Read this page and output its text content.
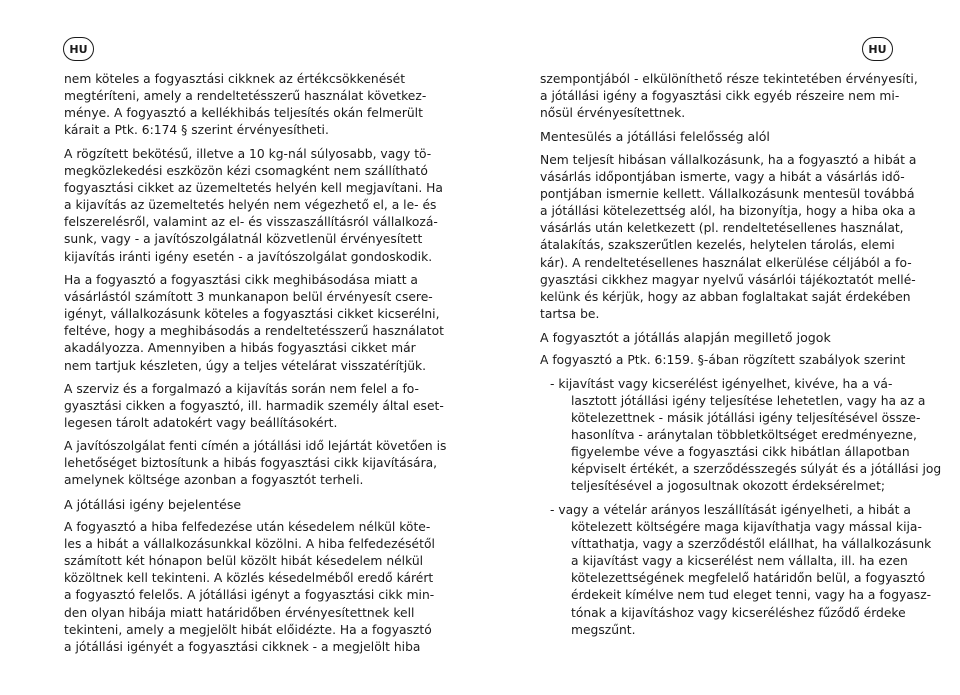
HU	HU
nem köteles a fogyasztási cikknek az értékcsökkenését
megtéríteni, amely a rendeltetésszerű használat következ-
ménye. A fogyasztó a kellékhibás teljesítés okán felmerült
kárait a Ptk. 6:174 § szerint érvényesítheti.
A rögzített bekötésű, illetve a 10 kg-nál súlyosabb, vagy tö-
megközlekedési eszközön kézi csomagként nem szállítható
fogyasztási cikket az üzemeltetés helyén kell megjavítani. Ha
a kijavítás az üzemeltetés helyén nem végezhető el, a le- és
felszerelésről, valamint az el- és visszaszállításról vállalkozá-
sunk, vagy - a javítószolgálatnál közvetlenül érvényesített
kijavítás iránti igény esetén - a javítószolgálat gondoskodik.
Ha a fogyasztó a fogyasztási cikk meghibásodása miatt a
vásárlástól számított 3 munkanapon belül érvényesít csere-
igényt, vállalkozásunk köteles a fogyasztási cikket kicserélni,
feltéve, hogy a meghibásodás a rendeltetésszerű használatot
akadályozza. Amennyiben a hibás fogyasztási cikket már
nem tartjuk készleten, úgy a teljes vételárat visszatérítjük.
A szerviz és a forgalmazó a kijavítás során nem felel a fo-
gyasztási cikken a fogyasztó, ill. harmadik személy által eset-
legesen tárolt adatokért vagy beállításokért.
A javítószolgálat fenti címén a jótállási idő lejártát követően is
lehetőséget biztosítunk a hibás fogyasztási cikk kijavítására,
amelynek költsége azonban a fogyasztót terheli.
A jótállási igény bejelentése
A fogyasztó a hiba felfedezése után késedelem nélkül köte-
les a hibát a vállalkozásunkkal közölni. A hiba felfedezésétől
számított két hónapon belül közölt hibát késedelem nélkül
közöltnek kell tekinteni. A közlés késedelméből eredő kárért
a fogyasztó felelős. A jótállási igényt a fogyasztási cikk min-
den olyan hibája miatt határidőben érvényesítettnek kell
tekinteni, amely a megjelölt hibát előidézte. Ha a fogyasztó
a jótállási igényét a fogyasztási cikknek - a megjelölt hiba
szempontjából - elkülöníthető része tekintetében érvényesíti,
a jótállási igény a fogyasztási cikk egyéb részeire nem mi-
nősül érvényesítettnek.
Mentesülés a jótállási felelősség alól
Nem teljesít hibásan vállalkozásunk, ha a fogyasztó a hibát a
vásárlás időpontjában ismerte, vagy a hibát a vásárlás idő-
pontjában ismernie kellett. Vállalkozásunk mentesül továbbá
a jótállási kötelezettség alól, ha bizonyítja, hogy a hiba oka a
vásárlás után keletkezett (pl. rendeltetésellenes használat,
átalakítás, szakszerűtlen kezelés, helytelen tárolás, elemi
kár). A rendeltetésellenes használat elkerülése céljából a fo-
gyasztási cikkhez magyar nyelvű vásárlói tájékoztatót mellé-
kelünk és kérjük, hogy az abban foglaltakat saját érdekében
tartsa be.
A fogyasztót a jótállás alapján megillető jogok
A fogyasztó a Ptk. 6:159. §-ában rögzített szabályok szerint
- kijavítást vagy kicserélést igényelhet, kivéve, ha a vá-
lasztott jótállási igény teljesítése lehetetlen, vagy ha az a
kötelezettnek - másik jótállási igény teljesítésével össze-
hasonlítva - aránytalan többletköltséget eredményezne,
figyelembe véve a fogyasztási cikk hibátlan állapotban
képviselt értékét, a szerződésszegés súlyát és a jótállási jog
teljesítésével a jogosultnak okozott érdeksérelmet;
- vagy a vételár arányos leszállítását igényelheti, a hibát a
kötelezett költségére maga kijavíthatja vagy mással kija-
víttathatja, vagy a szerződéstől elállhat, ha vállalkozásunk
a kijavítást vagy a kicserélést nem vállalta, ill. ha ezen
kötelezettségének megfelelő határidőn belül, a fogyasztó
érdekeit kímélve nem tud eleget tenni, vagy ha a fogyasz-
tónak a kijavításhoz vagy kicseréléshez fűződő érdeke
megszűnt.
